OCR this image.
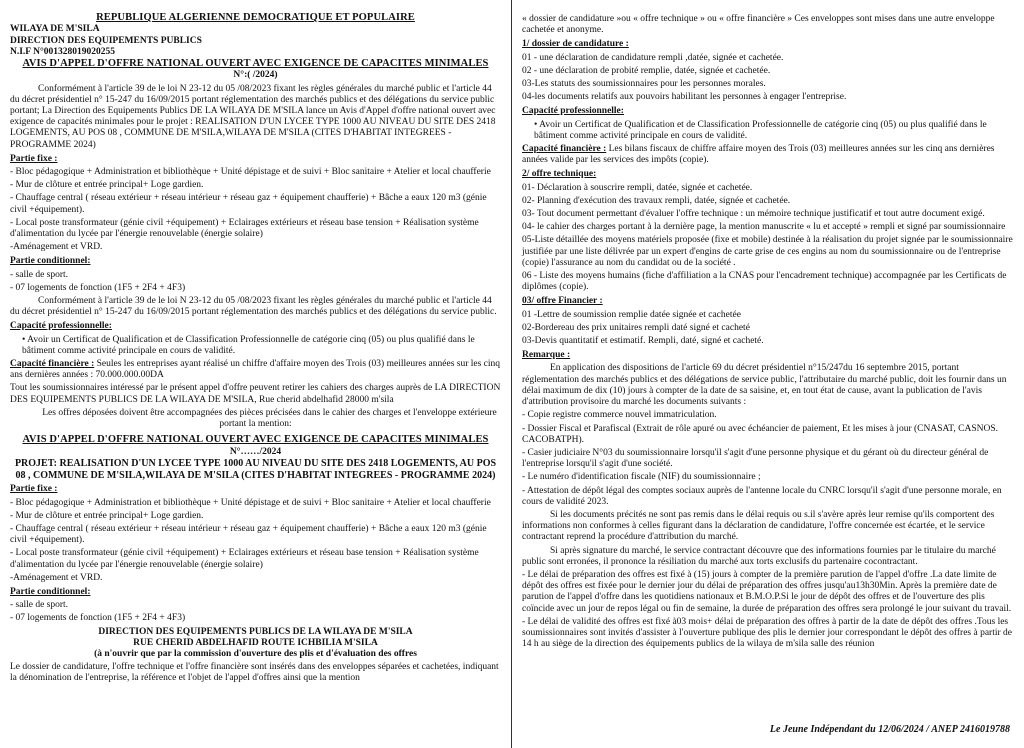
REPUBLIQUE ALGERIENNE DEMOCRATIQUE ET POPULAIRE
WILAYA DE M'SILA
DIRECTION DES EQUIPEMENTS PUBLICS
N.I.F N°001328019020255
AVIS D'APPEL D'OFFRE NATIONAL OUVERT AVEC EXIGENCE DE CAPACITES MINIMALES
N°:( /2024)

Conformément à l'article 39 de le loi N 23-12 du 05 /08/2023 fixant les règles générales du marché public et l'article 44 du décret présidentiel n° 15-247 du 16/09/2015 portant réglementation des marchés publics et des délégations du service public portant; La Direction des Equipements Publics DE LA WILAYA DE M'SILA lance un Avis d'Appel d'offre national ouvert avec exigence de capacités minimales pour le projet : REALISATION D'UN LYCEE TYPE 1000 AU NIVEAU DU SITE DES 2418 LOGEMENTS, AU POS 08 , COMMUNE DE M'SILA,WILAYA DE M'SILA (CITES D'HABITAT INTEGREES - PROGRAMME 2024)

Partie fixe :

- Bloc pédagogique + Administration et bibliothèque + Unité dépistage et de suivi + Bloc sanitaire + Atelier et local chaufferie

- Mur de clôture et entrée principal+ Loge gardien.

- Chauffage central ( réseau extérieur + réseau intérieur + réseau gaz + équipement chaufferie) + Bâche a eaux 120 m3 (génie civil +équipement).

- Local poste transformateur (génie civil +équipement) + Eclairages extérieurs et réseau base tension + Réalisation système d'alimentation du lycée par l'énergie renouvelable (énergie solaire)

-Aménagement et VRD.

Partie conditionnel:

- salle de sport.

- 07 logements de fonction (1F5 + 2F4 + 4F3)

Conformément à l'article 39 de le loi N 23-12 du 05 /08/2023 fixant les règles générales du marché public et l'article 44 du décret présidentiel n° 15-247 du 16/09/2015 portant réglementation des marchés publics et des délégations du service public.

Capacité professionnelle:

• Avoir un Certificat de Qualification et de Classification Professionnelle de catégorie cinq (05) ou plus qualifié dans le bâtiment comme activité principale en cours de validité.

Capacité financière : Seules les entreprises ayant réalisé un chiffre d'affaire moyen des Trois (03) meilleures années sur les cinq ans dernières années : 70.000.000.00DA

Tout les soumissionnaires intéressé par le présent appel d'offre peuvent retirer les cahiers des charges auprès de LA DIRECTION DES EQUIPEMENTS PUBLICS DE LA WILAYA DE M'SILA, Rue cherid abdelhafid 28000 m'sila

Les offres déposées doivent être accompagnées des pièces précisées dans le cahier des charges et l'enveloppe extérieure portant la mention:

AVIS D'APPEL D'OFFRE NATIONAL OUVERT AVEC EXIGENCE DE CAPACITES MINIMALES
N°……/2024
PROJET: REALISATION D'UN LYCEE TYPE 1000 AU NIVEAU DU SITE DES 2418 LOGEMENTS, AU POS 08 , COMMUNE DE M'SILA,WILAYA DE M'SILA (CITES D'HABITAT INTEGREES - PROGRAMME 2024)
Partie fixe :

- Bloc pédagogique + Administration et bibliothèque + Unité dépistage et de suivi + Bloc sanitaire + Atelier et local chaufferie

- Mur de clôture et entrée principal+ Loge gardien.

- Chauffage central ( réseau extérieur + réseau intérieur + réseau gaz + équipement chaufferie) + Bâche a eaux 120 m3 (génie civil +équipement).

- Local poste transformateur (génie civil +équipement) + Eclairages extérieurs et réseau base tension + Réalisation système d'alimentation du lycée par l'énergie renouvelable (énergie solaire)

-Aménagement et VRD.

Partie conditionnel:

- salle de sport.

- 07 logements de fonction (1F5 + 2F4 + 4F3)

DIRECTION DES EQUIPEMENTS PUBLICS DE LA WILAYA DE M'SILA
RUE CHERID ABDELHAFID ROUTE ICHBILIA M'SILA
(à n'ouvrir que par la commission d'ouverture des plis et d'évaluation des offres

Le dossier de candidature, l'offre technique et l'offre financière sont insérés dans des enveloppes séparées et cachetées, indiquant la dénomination de l'entreprise, la référence et l'objet de l'appel d'offres ainsi que la mention

« dossier de candidature »ou « offre technique » ou « offre financière » Ces enveloppes sont mises dans une autre enveloppe cachetée et anonyme.

1/ dossier de candidature :

01 - une déclaration de candidature rempli ,datée, signée et cachetée.

02 - une déclaration de probité remplie, datée, signée et cachetée.

03-Les statuts des soumissionnaires pour les personnes morales.

04-les documents relatifs aux pouvoirs habilitant les personnes à engager l'entreprise.

Capacité professionnelle:

• Avoir un Certificat de Qualification et de Classification Professionnelle de catégorie cinq (05) ou plus qualifié dans le bâtiment comme activité principale en cours de validité.

Capacité financière : Les bilans fiscaux de chiffre affaire moyen des Trois (03) meilleures années sur les cinq ans dernières années valide par les services des impôts (copie).

2/ offre technique:

01- Déclaration à souscrire rempli, datée, signée et cachetée.

02- Planning d'exécution des travaux rempli, datée, signée et cachetée.

03- Tout document permettant d'évaluer l'offre technique : un mémoire technique justificatif et tout autre document exigé.

04- le cahier des charges portant à la dernière page, la mention manuscrite « lu et accepté » rempli et signé par soumissionnaire

05-Liste détaillée des moyens matériels proposée (fixe et mobile) destinée à la réalisation du projet signée par le soumissionnaire justifiée par une liste délivrée par un expert d'engins de carte grise de ces engins au nom du soumissionnaire ou de l'entreprise (copie) l'assurance au nom du candidat ou de la société .

06 - Liste des moyens humains (fiche d'affiliation a la CNAS pour l'encadrement technique) accompagnée par les Certificats de diplômes (copie).

03/ offre Financier :

01 -Lettre de soumission remplie datée signée et cachetée

02-Bordereau des prix unitaires rempli daté signé et cacheté

03-Devis quantitatif et estimatif. Rempli, daté, signé et cacheté.

Remarque :

En application des dispositions de l'article 69 du décret présidentiel n°15/247du 16 septembre 2015, portant réglementation des marchés publics et des délégations de service public, l'attributaire du marché public, doit les fournir dans un délai maximum de dix (10) jours à compter de la date de sa saisine, et, en tout état de cause, avant la publication de l'avis d'attribution provisoire du marché les documents suivants :

- Copie registre commerce nouvel immatriculation.

- Dossier Fiscal et Parafiscal (Extrait de rôle apuré ou avec échéancier de paiement, Et les mises à jour (CNASAT, CASNOS. CACOBATPH).

- Casier judiciaire N°03 du soumissionnaire lorsqu'il s'agit d'une personne physique et du gérant où du directeur général de l'entreprise lorsqu'il s'agit d'une société.

- Le numéro d'identification fiscale (NIF) du soumissionnaire ;

- Attestation de dépôt légal des comptes sociaux auprès de l'antenne locale du CNRC lorsqu'il s'agit d'une personne morale, en cours de validité 2023.

Si les documents précités ne sont pas remis dans le délai requis ou s.il s'avère après leur remise qu'ils comportent des informations non conformes à celles figurant dans la déclaration de candidature, l'offre concernée est écartée, et le service contractant reprend la procédure d'attribution du marché.

Si après signature du marché, le service contractant découvre que des informations fournies par le titulaire du marché public sont erronées, il prononce la résiliation du marché aux torts exclusifs du partenaire cocontractant.

- Le délai de préparation des offres est fixé à (15) jours à compter de la première parution de l'appel d'offre .La date limite de dépôt des offres est fixée pour le dernier jour du délai de préparation des offres jusqu'au13h30Min. Après la première date de parution de l'appel d'offre dans les quotidiens nationaux et B.M.O.P.Si le jour de dépôt des offres et de l'ouverture des plis coïncide avec un jour de repos légal ou fin de semaine, la durée de préparation des offres sera prolongé le jour suivant du travail.

- Le délai de validité des offres est fixé à03 mois+ délai de préparation des offres à partir de la date de dépôt des offres .Tous les soumissionnaires sont invités d'assister à l'ouverture publique des plis le dernier jour correspondant le dépôt des offres à partir de 14 h au siège de la direction des équipements publics de la wilaya de m'sila salle des réunion

Le Jeune Indépendant du 12/06/2024 / ANEP 2416019788
